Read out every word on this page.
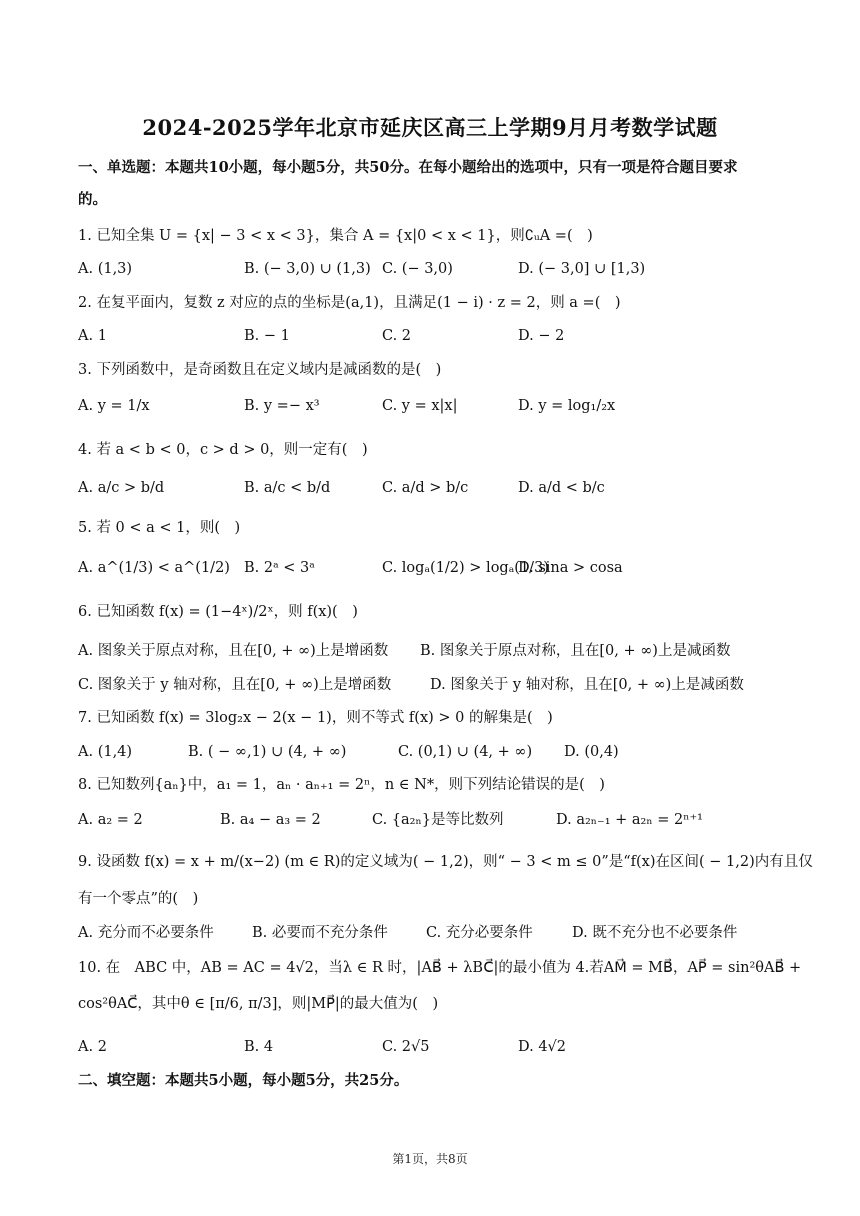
2024-2025学年北京市延庆区高三上学期9月月考数学试题
一、单选题：本题共10小题，每小题5分，共50分。在每小题给出的选项中，只有一项是符合题目要求
的。
1. 已知全集 U = {x| − 3 < x < 3}，集合 A = {x|0 < x < 1}，则∁ᵤA =(　)
A. (1,3)	B. (− 3,0) ∪ (1,3) C. (− 3,0)	D. (− 3,0] ∪ [1,3)
2. 在复平面内，复数 z 对应的点的坐标是(a,1)，且满足(1 − i) · z = 2，则 a =(　)
A. 1	B. − 1	C. 2	D. − 2
3. 下列函数中，是奇函数且在定义域内是减函数的是(　)
A. y = 1/x	B. y =− x³	C. y = x|x|	D. y = log₁/₂x
4. 若 a < b < 0，c > d > 0，则一定有(　)
A. a/c > b/d	B. a/c < b/d	C. a/d > b/c	D. a/d < b/c
5. 若 0 < a < 1，则(　)
A. a^(1/3) < a^(1/2) B. 2ᵃ < 3ᵃ	C. logₐ(1/2) > logₐ(1/3)
D. sina > cosa
6. 已知函数 f(x) = (1−4ˣ)/2ˣ，则 f(x)(　)
A. 图象关于原点对称，且在[0, + ∞)上是增函数 B. 图象关于原点对称，且在[0, + ∞)上是减函数
C. 图象关于 y 轴对称，且在[0, + ∞)上是增函数	D. 图象关于 y 轴对称，且在[0, + ∞)上是减函数
7. 已知函数 f(x) = 3log₂x − 2(x − 1)，则不等式 f(x) > 0 的解集是(　)
A. (1,4)	B. ( − ∞,1) ∪ (4, + ∞)	C. (0,1) ∪ (4, + ∞) D. (0,4)
8. 已知数列{aₙ}中，a₁ = 1，aₙ · aₙ₊₁ = 2ⁿ，n ∈ N*，则下列结论错误的是(　)
A. a₂ = 2	B. a₄ − a₃ = 2	C. {a₂ₙ}是等比数列	D. a₂ₙ₋₁ + a₂ₙ = 2ⁿ⁺¹
9. 设函数 f(x) = x + m/(x−2) (m ∈ R)的定义域为( − 1,2)，则“ − 3 < m ≤ 0”是“f(x)在区间( − 1,2)内有且仅
有一个零点”的(　)
A. 充分而不必要条件	B. 必要而不充分条件	C. 充分必要条件	D. 既不充分也不必要条件
10. 在　ABC 中，AB = AC = 4√2，当λ ∈ R 时，|AB⃗ + λBC⃗|的最小值为 4.若AM⃗ = MB⃗，AP⃗ = sin²θAB⃗ +
cos²θAC⃗，其中θ ∈ [π/6, π/3]，则|MP⃗|的最大值为(　)
A. 2	B. 4	C. 2√5	D. 4√2
二、填空题：本题共5小题，每小题5分，共25分。
第1页，共8页
